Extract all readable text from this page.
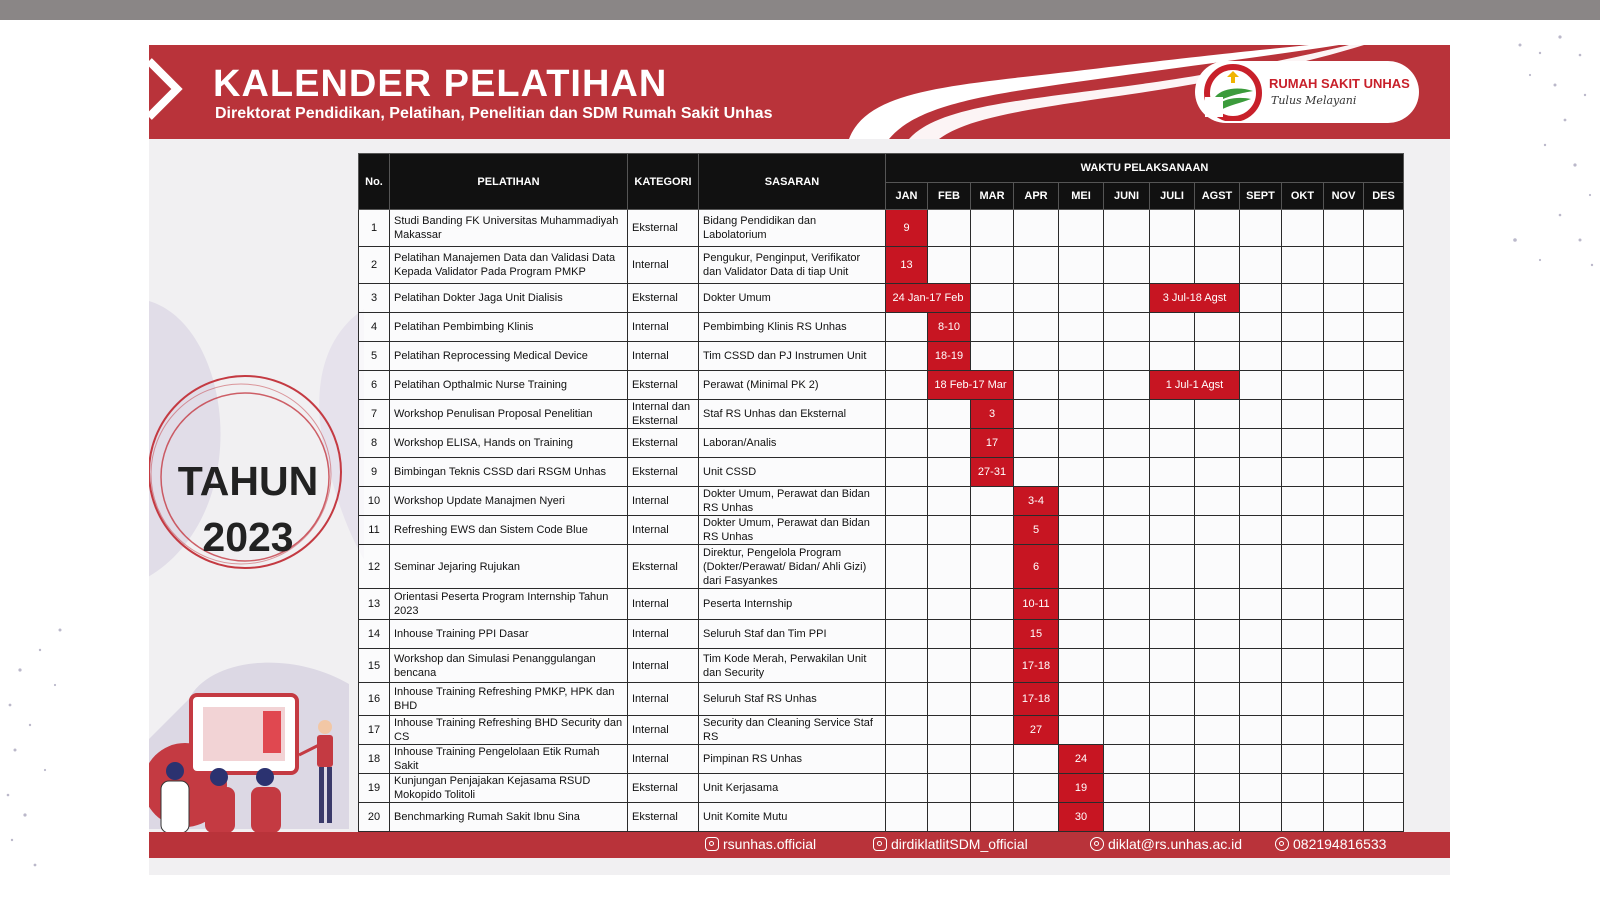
KALENDER PELATIHAN

Direktorat Pendidikan, Pelatihan, Penelitian dan SDM Rumah Sakit Unhas

RUMAH SAKIT UNHAS
Tulus Melayani
TAHUN
2023
No.	PELATIHAN	KATEGORI	SASARAN	WAKTU PELAKSANAAN											
				JAN	FEB	MAR	APR	MEI	JUNI	JULI	AGST	SEPT	OKT	NOV	DES
1	Studi Banding FK Universitas Muhammadiyah Makassar	Eksternal	Bidang Pendidikan dan Labolatorium	9											
2	Pelatihan Manajemen Data dan Validasi Data Kepada Validator Pada Program PMKP	Internal	Pengukur, Penginput, Verifikator dan Validator Data di tiap Unit	13											
3	Pelatihan Dokter Jaga Unit Dialisis	Eksternal	Dokter Umum	24 Jan-17 Feb						3 Jul-18 Agst					
4	Pelatihan Pembimbing Klinis	Internal	Pembimbing Klinis RS Unhas		8-10										
5	Pelatihan Reprocessing Medical Device	Internal	Tim CSSD dan PJ Instrumen Unit		18-19										
6	Pelatihan Opthalmic Nurse Training	Eksternal	Perawat (Minimal PK 2)		18 Feb-17 Mar					1 Jul-1 Agst					
7	Workshop Penulisan Proposal Penelitian	Internal dan Eksternal	Staf RS Unhas dan Eksternal			3									
8	Workshop ELISA, Hands on Training	Eksternal	Laboran/Analis			17									
9	Bimbingan Teknis CSSD dari RSGM Unhas	Eksternal	Unit CSSD			27-31									
10	Workshop Update Manajmen Nyeri	Internal	Dokter Umum, Perawat dan Bidan RS Unhas				3-4								
11	Refreshing EWS dan Sistem Code Blue	Internal	Dokter Umum, Perawat dan Bidan RS Unhas				5								
12	Seminar Jejaring Rujukan	Eksternal	Direktur, Pengelola Program (Dokter/Perawat/ Bidan/ Ahli Gizi) dari Fasyankes				6								
13	Orientasi Peserta Program Internship Tahun 2023	Internal	Peserta Internship				10-11								
14	Inhouse Training PPI Dasar	Internal	Seluruh Staf dan Tim PPI				15								
15	Workshop dan Simulasi Penanggulangan bencana	Internal	Tim Kode Merah, Perwakilan Unit dan Security				17-18								
16	Inhouse Training Refreshing PMKP, HPK dan BHD	Internal	Seluruh Staf RS Unhas				17-18								
17	Inhouse Training Refreshing BHD Security dan CS	Internal	Security dan Cleaning Service Staf RS				27								
18	Inhouse Training Pengelolaan Etik Rumah Sakit	Internal	Pimpinan RS Unhas					24							
19	Kunjungan Penjajakan Kejasama RSUD Mokopido Tolitoli	Eksternal	Unit Kerjasama					19							
20	Benchmarking Rumah Sakit Ibnu Sina	Eksternal	Unit Komite Mutu					30							
rsunhas.official	dirdiklatlitSDM_official	diklat@rs.unhas.ac.id	082194816533
